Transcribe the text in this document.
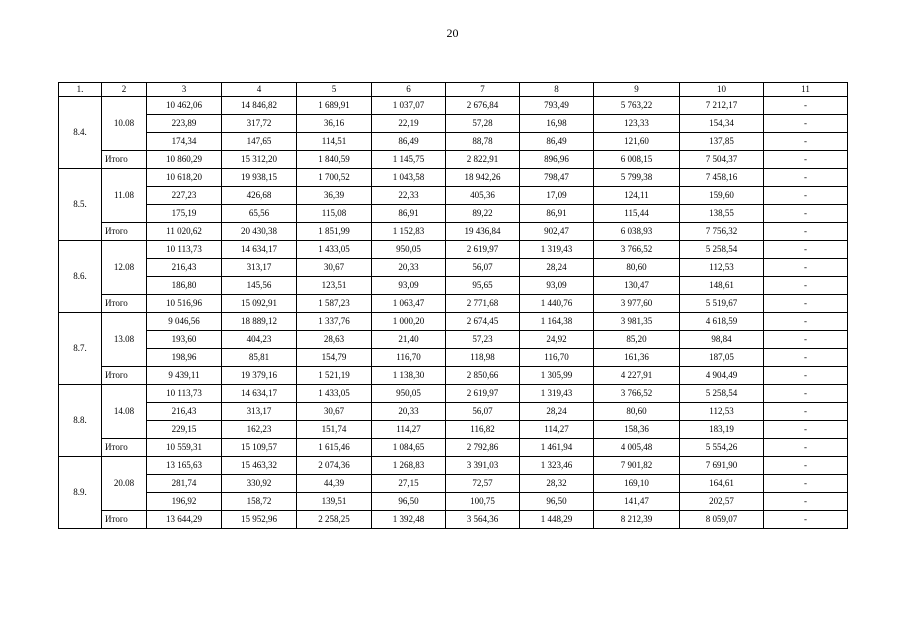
20
1.	2	3	4	5	6	7	8	9	10	11
8.4.	10.08	10 462,06	14 846,82	1 689,91	1 037,07	2 676,84	793,49	5 763,22	7 212,17	-
		223,89	317,72	36,16	22,19	57,28	16,98	123,33	154,34	-
		174,34	147,65	114,51	86,49	88,78	86,49	121,60	137,85	-
	Итого	10 860,29	15 312,20	1 840,59	1 145,75	2 822,91	896,96	6 008,15	7 504,37	-
8.5.	11.08	10 618,20	19 938,15	1 700,52	1 043,58	18 942,26	798,47	5 799,38	7 458,16	-
		227,23	426,68	36,39	22,33	405,36	17,09	124,11	159,60	-
		175,19	65,56	115,08	86,91	89,22	86,91	115,44	138,55	-
	Итого	11 020,62	20 430,38	1 851,99	1 152,83	19 436,84	902,47	6 038,93	7 756,32	-
8.6.	12.08	10 113,73	14 634,17	1 433,05	950,05	2 619,97	1 319,43	3 766,52	5 258,54	-
		216,43	313,17	30,67	20,33	56,07	28,24	80,60	112,53	-
		186,80	145,56	123,51	93,09	95,65	93,09	130,47	148,61	-
	Итого	10 516,96	15 092,91	1 587,23	1 063,47	2 771,68	1 440,76	3 977,60	5 519,67	-
8.7.	13.08	9 046,56	18 889,12	1 337,76	1 000,20	2 674,45	1 164,38	3 981,35	4 618,59	-
		193,60	404,23	28,63	21,40	57,23	24,92	85,20	98,84	-
		198,96	85,81	154,79	116,70	118,98	116,70	161,36	187,05	-
	Итого	9 439,11	19 379,16	1 521,19	1 138,30	2 850,66	1 305,99	4 227,91	4 904,49	-
8.8.	14.08	10 113,73	14 634,17	1 433,05	950,05	2 619,97	1 319,43	3 766,52	5 258,54	-
		216,43	313,17	30,67	20,33	56,07	28,24	80,60	112,53	-
		229,15	162,23	151,74	114,27	116,82	114,27	158,36	183,19	-
	Итого	10 559,31	15 109,57	1 615,46	1 084,65	2 792,86	1 461,94	4 005,48	5 554,26	-
8.9.	20.08	13 165,63	15 463,32	2 074,36	1 268,83	3 391,03	1 323,46	7 901,82	7 691,90	-
		281,74	330,92	44,39	27,15	72,57	28,32	169,10	164,61	-
		196,92	158,72	139,51	96,50	100,75	96,50	141,47	202,57	-
	Итого	13 644,29	15 952,96	2 258,25	1 392,48	3 564,36	1 448,29	8 212,39	8 059,07	-
